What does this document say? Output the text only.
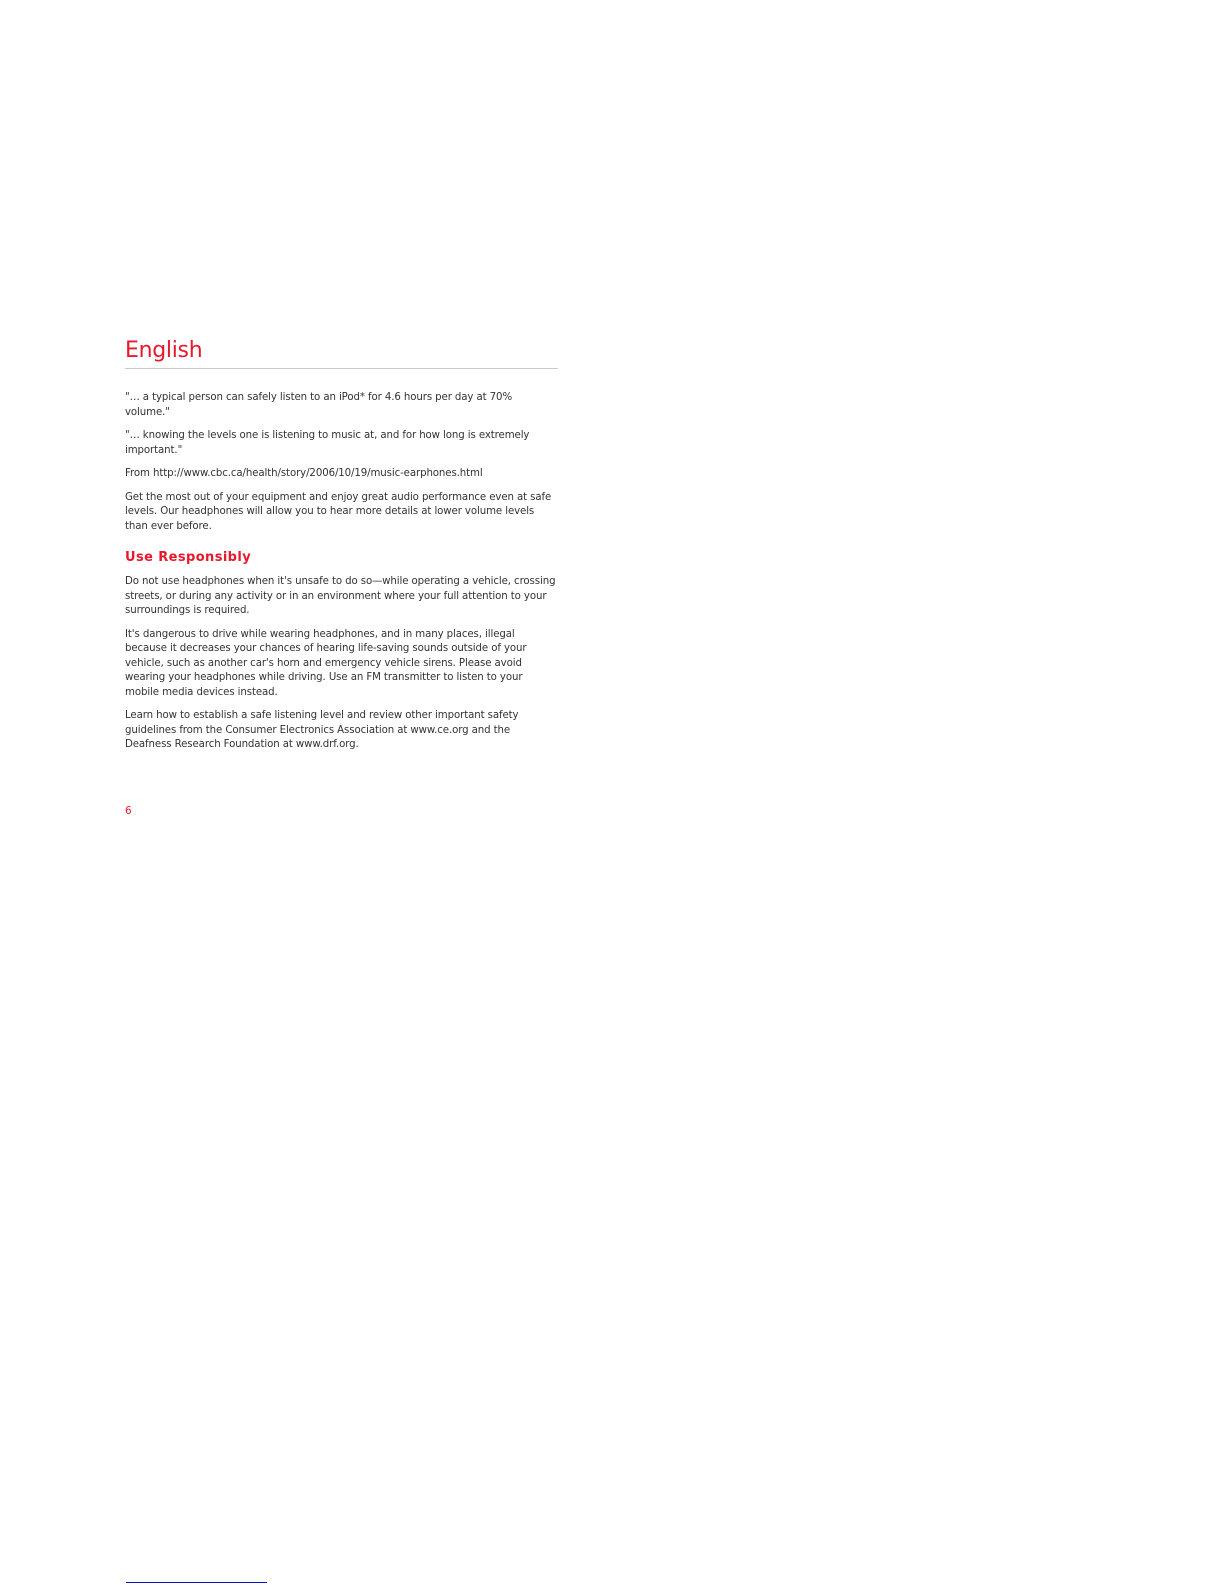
English

"… a typical person can safely listen to an iPod* for 4.6 hours per day at 70% volume."

"… knowing the levels one is listening to music at, and for how long is extremely important."

From http://www.cbc.ca/health/story/2006/10/19/music-earphones.html

Get the most out of your equipment and enjoy great audio performance even at safe levels. Our headphones will allow you to hear more details at lower volume levels than ever before.

Use Responsibly

Do not use headphones when it's unsafe to do so—while operating a vehicle, crossing streets, or during any activity or in an environment where your full attention to your surroundings is required.

It's dangerous to drive while wearing headphones, and in many places, illegal because it decreases your chances of hearing life-saving sounds outside of your vehicle, such as another car's horn and emergency vehicle sirens. Please avoid wearing your headphones while driving. Use an FM transmitter to listen to your mobile media devices instead.

Learn how to establish a safe listening level and review other important safety guidelines from the Consumer Electronics Association at www.ce.org and the Deafness Research Foundation at www.drf.org.

6
